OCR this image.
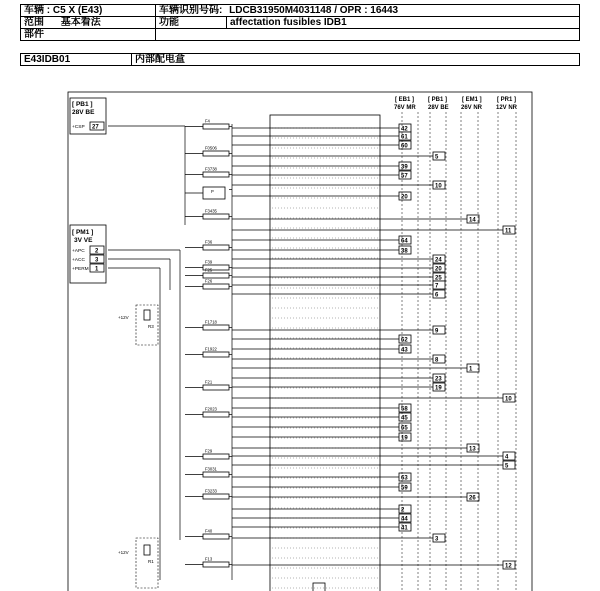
车辆 : C5 X (E43)	车辆识别号码: LDCB31950M4031148 / OPR : 16443	
范围 基本看法	功能	affectation fusibles IDB1
部件		
E43IDB01	内部配电盒
[ PB1 ]
28V BE
+CSP 27
[ PM1 ]
3V VE
+APC 2
+ACC 3
+PERM 1
[ EB1 ]
76V MR
[ PB1 ]
28V BE
[ EM1 ]
26V NR
[ PR1 ]
12V NR
F4
F0506
F3738
P
F3435
F36
F39
F25
F26
F1718
F1922
F21
F2023
F29
F3031
F3233
F40
F13
42
61
60
5
39
57
10
20
14
11
64
38
24
20
25
7
6
9
62
43
8
1
23
19
10
58
45
65
19
13
4
5
63
59
26
2
44
41
3
12
+12V
R3
+12V
R1
